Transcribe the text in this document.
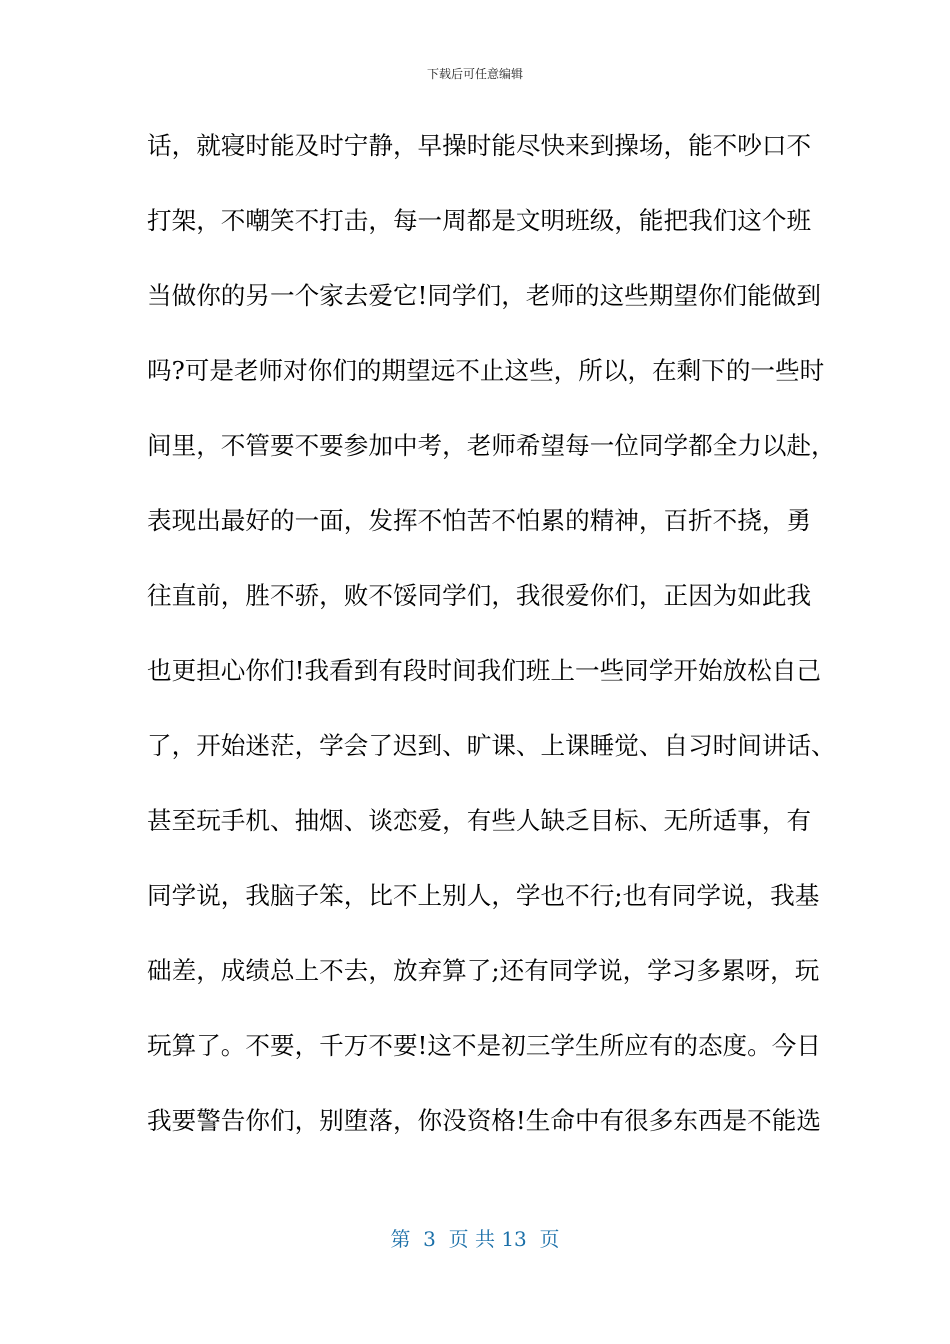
下载后可任意编辑
话，就寝时能及时宁静，早操时能尽快来到操场，能不吵口不
打架，不嘲笑不打击，每一周都是文明班级，能把我们这个班
当做你的另一个家去爱它!同学们，老师的这些期望你们能做到
吗?可是老师对你们的期望远不止这些，所以，在剩下的一些时
间里，不管要不要参加中考，老师希望每一位同学都全力以赴，
表现出最好的一面，发挥不怕苦不怕累的精神，百折不挠，勇
往直前，胜不骄，败不馁同学们，我很爱你们，正因为如此我
也更担心你们!我看到有段时间我们班上一些同学开始放松自己
了，开始迷茫，学会了迟到、旷课、上课睡觉、自习时间讲话、
甚至玩手机、抽烟、谈恋爱，有些人缺乏目标、无所适事，有
同学说，我脑子笨，比不上别人，学也不行;也有同学说，我基
础差，成绩总上不去，放弃算了;还有同学说，学习多累呀，玩
玩算了。不要，千万不要!这不是初三学生所应有的态度。今日
我要警告你们，别堕落，你没资格!生命中有很多东西是不能选
第  3  页 共 13  页
